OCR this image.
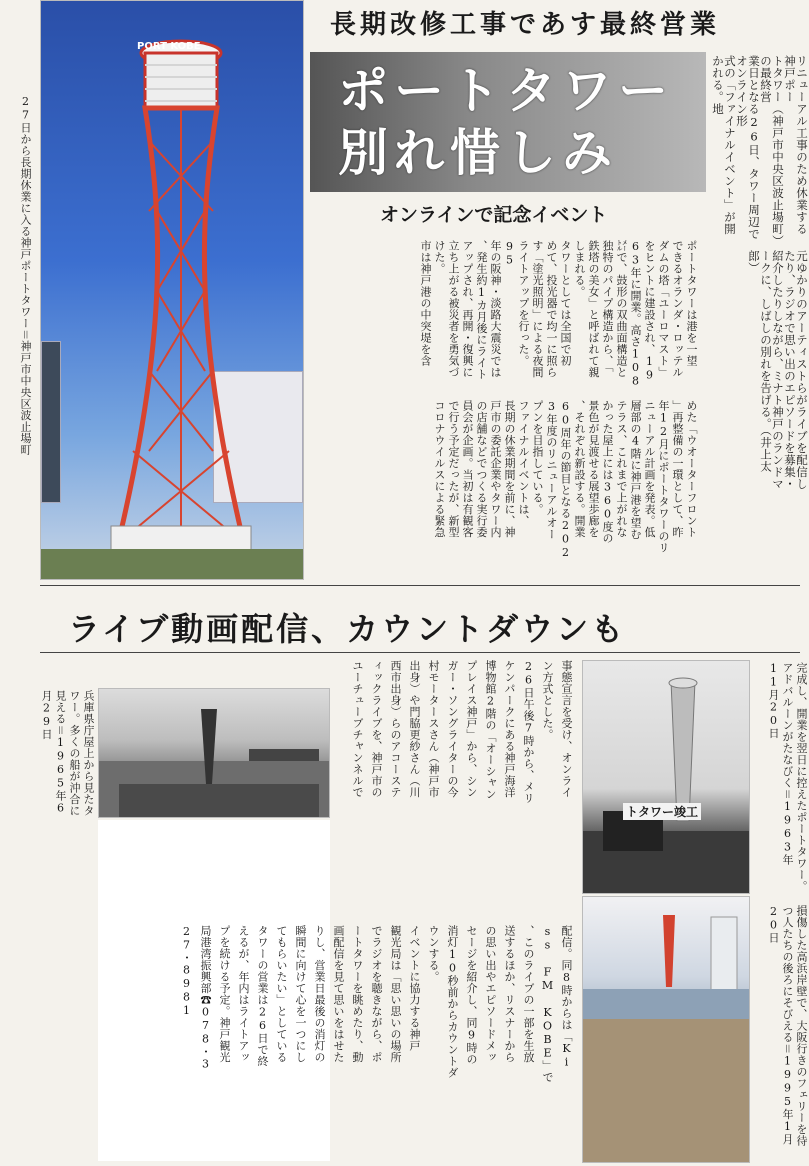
PORT KOBE
27日から長期休業に入る神戸ポートタワー＝神戸市中央区波止場町
長期改修工事であす最終営業
ポートタワー
別れ惜しみ
オンラインで記念イベント	リニューアル工事のため休業する神戸ポー
トタワー（神戸市中央区波止場町）の最終営
業日となる26日、タワー周辺でオンライン形
式の「ファイナルイベント」が開かれる。地
元ゆかりのアーティストらがライブを配信し
たり、ラジオで思い出のエピソードを募集・
紹介したりしながら、ミナト神戸のランドマ
ークに、しばしの別れを告げる。（井上太郎）
ポートタワーは港を一望
できるオランダ・ロッテル
ダムの塔「ユーロマスト」
をヒントに建設され、19
63年に開業。高さ108
㍍で、鼓形の双曲面構造と
独特のパイプ構造から、「
鉄塔の美女」と呼ばれて親
しまれる。
タワーとしては全国で初
めて、投光器で均一に照ら
す「塗光照明」による夜間
ライトアップを行った。95
年の阪神・淡路大震災では
、発生約1カ月後にライト
アップされ、再開・復興に
立ち上がる被災者を勇気づ
けた。
市は神戸港の中突堤を含
めた「ウオーターフロント
」再整備の一環として、昨
年12月にポートタワーのリ
ニューアル計画を発表。低
層部の4階に神戸港を望む
テラス、これまで上がれな
かった屋上には360度の
景色が見渡せる展望歩廊を
、それぞれ新設する。開業
60周年の節目となる202
3年度のリニューアルオー
プンを目指している。
ファイナルイベントは、
長期の休業期間を前に、神
戸市の委託企業やタワー内
の店舗などでつくる実行委
員会が企画。当初は有観客
で行う予定だったが、新型
コロナウイルスによる緊急
ライブ動画配信、カウントダウンも
兵庫県庁屋上から見たタワー。多くの船が沖合に見える＝1965年6月29日	事態宣言を受け、オンライ
ン方式とした。
26日午後7時から、メリ
ケンパークにある神戸海洋
博物館2階の「オーシャン
プレイス神戸」から、シン
ガー・ソングライターの今
村モータースさん（神戸市
出身）や門脇更紗さん（川
西市出身）らのアコーステ
ィックライブを、神戸市の
ユーチューブチャンネルで
配信。同8時からは「Ki
ss FM KOBE」で
、このライブの一部を生放
送するほか、リスナーから
の思い出やエピソードメッ
セージを紹介し、同9時の
消灯10秒前からカウントダ
ウンする。
イベントに協力する神戸
観光局は「思い思いの場所
でラジオを聴きながら、ポ
ートタワーを眺めたり、動
画配信を見て思いをはせた
りし、営業日最後の消灯の
瞬間に向けて心を一つにし
てもらいたい」としている
タワーの営業は26日で終
えるが、年内はライトアッ
プを続ける予定。神戸観光
局港湾振興部☎078・3
27・8981
トタワー竣工	完成し、開業を翌日に控えたポートタワー。アドバルーンがたなびく＝1963年11月20日
損傷した高浜岸壁で、大阪行きのフェリーを待つ人たちの後ろにそびえる＝1995年1月20日
